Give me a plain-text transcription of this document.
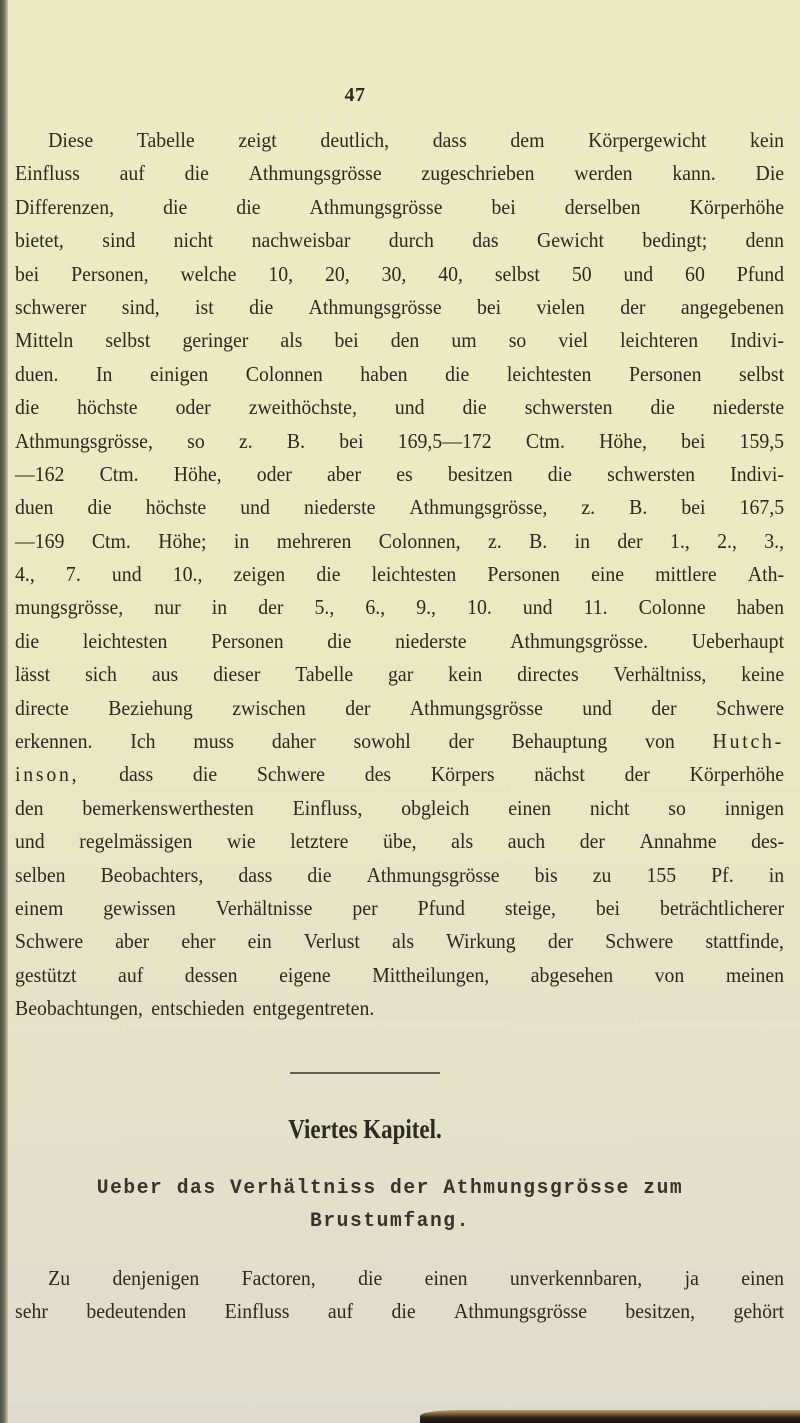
47
Diese Tabelle zeigt deutlich, dass dem Körpergewicht kein
Einfluss auf die Athmungsgrösse zugeschrieben werden kann. Die
Differenzen, die die Athmungsgrösse bei derselben Körperhöhe
bietet, sind nicht nachweisbar durch das Gewicht bedingt; denn
bei Personen, welche 10, 20, 30, 40, selbst 50 und 60 Pfund
schwerer sind, ist die Athmungsgrösse bei vielen der angegebenen
Mitteln selbst geringer als bei den um so viel leichteren Indivi-
duen. In einigen Colonnen haben die leichtesten Personen selbst
die höchste oder zweithöchste, und die schwersten die niederste
Athmungsgrösse, so z. B. bei 169,5—172 Ctm. Höhe, bei 159,5
—162 Ctm. Höhe, oder aber es besitzen die schwersten Indivi-
duen die höchste und niederste Athmungsgrösse, z. B. bei 167,5
—169 Ctm. Höhe; in mehreren Colonnen, z. B. in der 1., 2., 3.,
4., 7. und 10., zeigen die leichtesten Personen eine mittlere Ath-
mungsgrösse, nur in der 5., 6., 9., 10. und 11. Colonne haben
die leichtesten Personen die niederste Athmungsgrösse. Ueberhaupt
lässt sich aus dieser Tabelle gar kein directes Verhältniss, keine
directe Beziehung zwischen der Athmungsgrösse und der Schwere
erkennen. Ich muss daher sowohl der Behauptung von Hutch-
inson, dass die Schwere des Körpers nächst der Körperhöhe
den bemerkenswerthesten Einfluss, obgleich einen nicht so innigen
und regelmässigen wie letztere übe, als auch der Annahme des-
selben Beobachters, dass die Athmungsgrösse bis zu 155 Pf. in
einem gewissen Verhältnisse per Pfund steige, bei beträchtlicherer
Schwere aber eher ein Verlust als Wirkung der Schwere stattfinde,
gestützt auf dessen eigene Mittheilungen, abgesehen von meinen
Beobachtungen, entschieden entgegentreten.
Viertes Kapitel.
Ueber das Verhältniss der Athmungsgrösse zum
Brustumfang.
Zu denjenigen Factoren, die einen unverkennbaren, ja einen
sehr bedeutenden Einfluss auf die Athmungsgrösse besitzen, gehört
